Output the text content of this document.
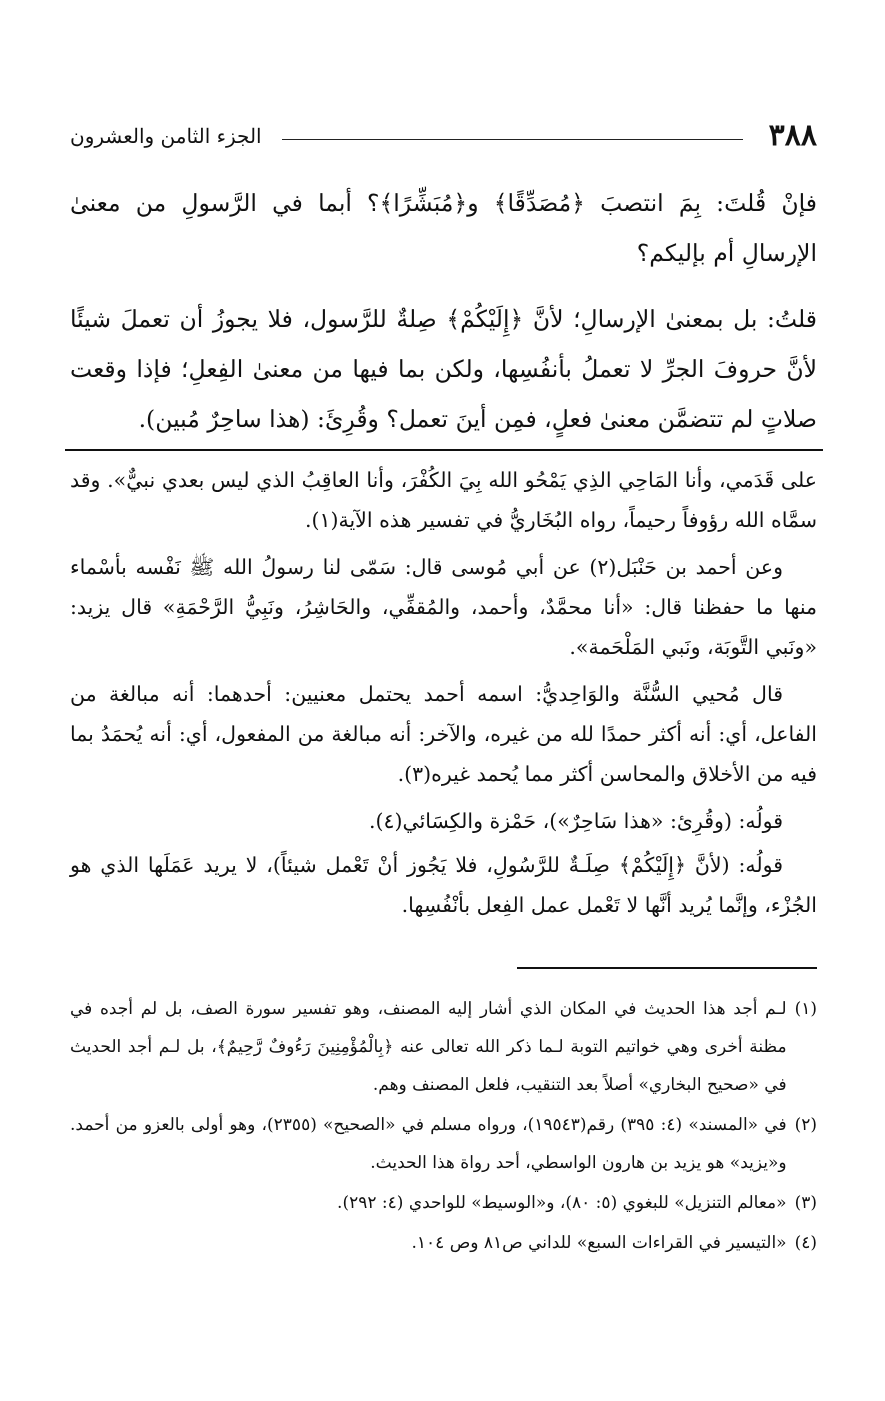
٣٨٨
الجزء الثامن والعشرون

فإنْ قُلتَ: بِمَ انتصبَ ﴿مُصَدِّقًا﴾ و﴿مُبَشِّرًا﴾؟ أبما في الرَّسولِ من معنىٰ الإرسالِ أم بإليكم؟

قلتُ: بل بمعنىٰ الإرسالِ؛ لأنَّ ﴿إِلَيْكُمْ﴾ صِلةٌ للرَّسول، فلا يجوزُ أن تعملَ شيئًا لأنَّ حروفَ الجرِّ لا تعملُ بأنفُسِها، ولكن بما فيها من معنىٰ الفِعلِ؛ فإذا وقعت صلاتٍ لم تتضمَّن معنىٰ فعلٍ، فمِن أينَ تعمل؟ وقُرِئَ: (هذا ساحِرٌ مُبين).

على قَدَمي، وأنا المَاحِي الذِي يَمْحُو الله بِيَ الكُفْرَ، وأنا العاقِبُ الذي ليس بعدي نبيٌّ». وقد سمَّاه الله رؤوفاً رحيماً، رواه البُخَاريُّ في تفسير هذه الآية(١).

وعن أحمد بن حَنْبَل(٢) عن أبي مُوسى قال: سَمّى لنا رسولُ الله ﷺ نَفْسه بأسْماء منها ما حفظنا قال: «أنا محمَّدٌ، وأحمد، والمُقفِّي، والحَاشِرُ، ونَبِيُّ الرَّحْمَةِ» قال يزيد: «ونَبي التَّوبَة، ونَبي المَلْحَمة».

قال مُحيي السُّنَّة والوَاحِديُّ: اسمه أحمد يحتمل معنيين: أحدهما: أنه مبالغة من الفاعل، أي: أنه أكثر حمدًا لله من غيره، والآخر: أنه مبالغة من المفعول، أي: أنه يُحمَدُ بما فيه من الأخلاق والمحاسن أكثر مما يُحمد غيره(٣).

قولُه: (وقُرِئ: «هذا سَاحِرٌ»)، حَمْزة والكِسَائي(٤).

قولُه: (لأنَّ ﴿إِلَيْكُمْ﴾ صِلَـةٌ للرَّسُولِ، فلا يَجُوز أنْ تَعْمل شيئاً)، لا يريد عَمَلَها الذي هو الجُزْء، وإنَّما يُريد أنَّها لا تَعْمل عمل الفِعل بأنْفُسِها.

(١)
لـم أجد هذا الحديث في المكان الذي أشار إليه المصنف، وهو تفسير سورة الصف، بل لم أجده في مظنة أخرى وهي خواتيم التوبة لـما ذكر الله تعالى عنه ﴿بِالْمُؤْمِنِينَ رَءُوفٌ رَّحِيمٌ﴾، بل لـم أجد الحديث في «صحيح البخاري» أصلاً بعد التنقيب، فلعل المصنف وهم.
(٢)
في «المسند» (٤: ٣٩٥) رقم(١٩٥٤٣)، ورواه مسلم في «الصحيح» (٢٣٥٥)، وهو أولى بالعزو من أحمد. و«يزيد» هو يزيد بن هارون الواسطي، أحد رواة هذا الحديث.
(٣)
«معالم التنزيل» للبغوي (٥: ٨٠)، و«الوسيط» للواحدي (٤: ٢٩٢).
(٤)
«التيسير في القراءات السبع» للداني ص٨١ وص ١٠٤.
